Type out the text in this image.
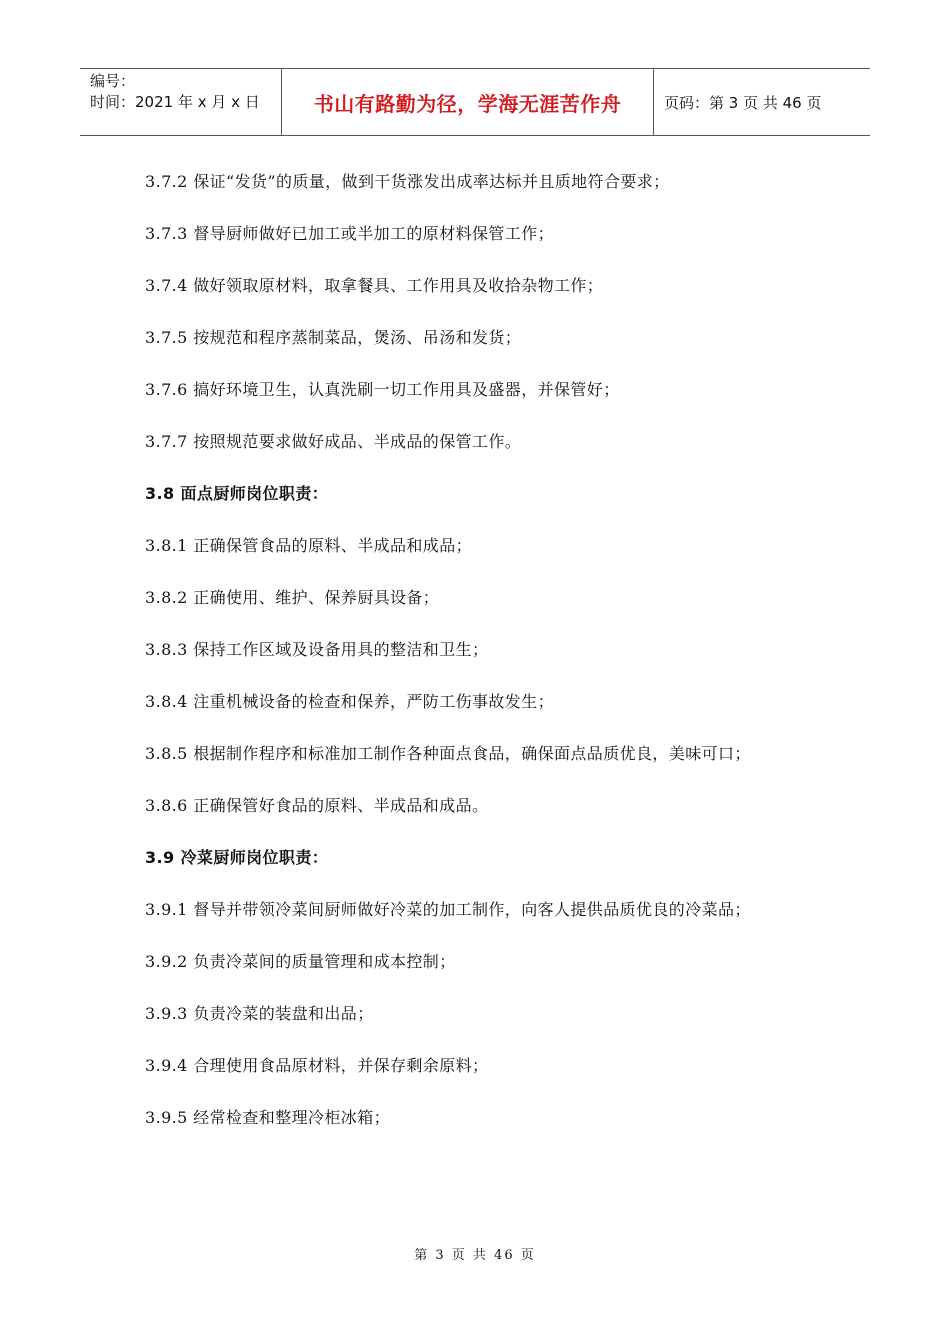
编号：
时间：2021 年 x 月 x 日	书山有路勤为径，学海无涯苦作舟	页码：第 3 页 共 46 页

3.7.2 保证“发货”的质量，做到干货涨发出成率达标并且质地符合要求；

3.7.3 督导厨师做好已加工或半加工的原材料保管工作；

3.7.4 做好领取原材料，取拿餐具、工作用具及收拾杂物工作；

3.7.5 按规范和程序蒸制菜品，煲汤、吊汤和发货；

3.7.6 搞好环境卫生，认真洗刷一切工作用具及盛器，并保管好；

3.7.7 按照规范要求做好成品、半成品的保管工作。

3.8 面点厨师岗位职责：

3.8.1 正确保管食品的原料、半成品和成品；

3.8.2 正确使用、维护、保养厨具设备；

3.8.3 保持工作区域及设备用具的整洁和卫生；

3.8.4 注重机械设备的检查和保养，严防工伤事故发生；

3.8.5 根据制作程序和标准加工制作各种面点食品，确保面点品质优良，美味可口；

3.8.6 正确保管好食品的原料、半成品和成品。

3.9 冷菜厨师岗位职责：

3.9.1 督导并带领冷菜间厨师做好冷菜的加工制作，向客人提供品质优良的冷菜品；

3.9.2 负责冷菜间的质量管理和成本控制；

3.9.3 负责冷菜的装盘和出品；

3.9.4 合理使用食品原材料，并保存剩余原料；

3.9.5 经常检查和整理冷柜冰箱；

第 3 页 共 46 页
